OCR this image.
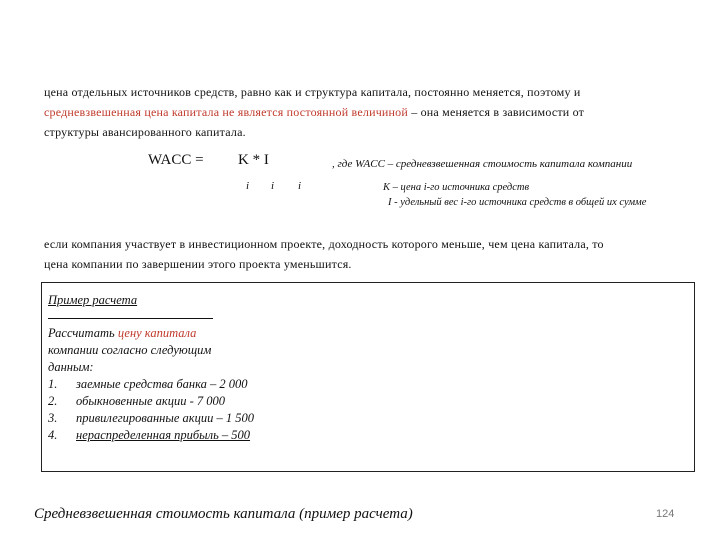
цена отдельных источников средств, равно как и структура капитала, постоянно меняется, поэтому и
средневзвешенная цена капитала не является постоянной величиной – она меняется в зависимости от
структуры авансированного капитала.
WACC = K * I
i i i
, где WACC – средневзвешенная стоимость капитала компании
K – цена i-го источника средств
I - удельный вес i-го источника средств в общей их сумме
если компания участвует в инвестиционном проекте, доходность которого меньше, чем цена капитала, то
цена компании по завершении этого проекта уменьшится.
Пример расчета
Рассчитать цену капитала
компании согласно следующим
данным:
1.	заемные средства банка – 2 000
2.	обыкновенные акции - 7 000
3.	привилегированные акции – 1 500
4.	нераспределенная прибыль – 500
Средневзвешенная стоимость капитала (пример расчета)	124
